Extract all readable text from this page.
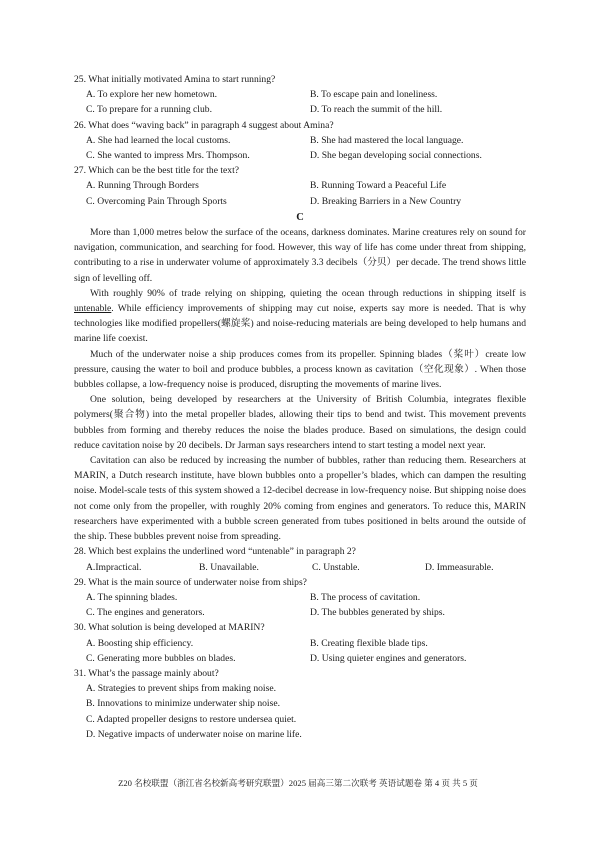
25. What initially motivated Amina to start running?

A. To explore her new hometown.	B. To escape pain and loneliness.
C. To prepare for a running club.	D. To reach the summit of the hill.

26. What does “waving back” in paragraph 4 suggest about Amina?

A. She had learned the local customs.	B. She had mastered the local language.
C. She wanted to impress Mrs. Thompson.	D. She began developing social connections.

27. Which can be the best title for the text?

A. Running Through Borders	B. Running Toward a Peaceful Life
C. Overcoming Pain Through Sports	D. Breaking Barriers in a New Country
C

More than 1,000 metres below the surface of the oceans, darkness dominates. Marine creatures rely on sound for navigation, communication, and searching for food. However, this way of life has come under threat from shipping, contributing to a rise in underwater volume of approximately 3.3 decibels（分贝）per decade. The trend shows little sign of levelling off.

With roughly 90% of trade relying on shipping, quieting the ocean through reductions in shipping itself is untenable. While efficiency improvements of shipping may cut noise, experts say more is needed. That is why technologies like modified propellers(螺旋桨) and noise-reducing materials are being developed to help humans and marine life coexist.

Much of the underwater noise a ship produces comes from its propeller. Spinning blades（桨叶）create low pressure, causing the water to boil and produce bubbles, a process known as cavitation（空化现象）. When those bubbles collapse, a low-frequency noise is produced, disrupting the movements of marine lives.

One solution, being developed by researchers at the University of British Columbia, integrates flexible polymers(聚合物) into the metal propeller blades, allowing their tips to bend and twist. This movement prevents bubbles from forming and thereby reduces the noise the blades produce. Based on simulations, the design could reduce cavitation noise by 20 decibels. Dr Jarman says researchers intend to start testing a model next year.

Cavitation can also be reduced by increasing the number of bubbles, rather than reducing them. Researchers at MARIN, a Dutch research institute, have blown bubbles onto a propeller’s blades, which can dampen the resulting noise. Model-scale tests of this system showed a 12-decibel decrease in low-frequency noise. But shipping noise does not come only from the propeller, with roughly 20% coming from engines and generators. To reduce this, MARIN researchers have experimented with a bubble screen generated from tubes positioned in belts around the outside of the ship. These bubbles prevent noise from spreading.

28. Which best explains the underlined word “untenable” in paragraph 2?

A.Impractical.	B. Unavailable.	C. Unstable.	D. Immeasurable.

29. What is the main source of underwater noise from ships?

A. The spinning blades.	B. The process of cavitation.
C. The engines and generators.	D. The bubbles generated by ships.

30. What solution is being developed at MARIN?

A. Boosting ship efficiency.	B. Creating flexible blade tips.
C. Generating more bubbles on blades.	D. Using quieter engines and generators.

31. What’s the passage mainly about?

A. Strategies to prevent ships from making noise.

B. Innovations to minimize underwater ship noise.

C. Adapted propeller designs to restore undersea quiet.

D. Negative impacts of underwater noise on marine life.

Z20 名校联盟（浙江省名校新高考研究联盟）2025 届高三第二次联考 英语试题卷 第 4 页 共 5 页
